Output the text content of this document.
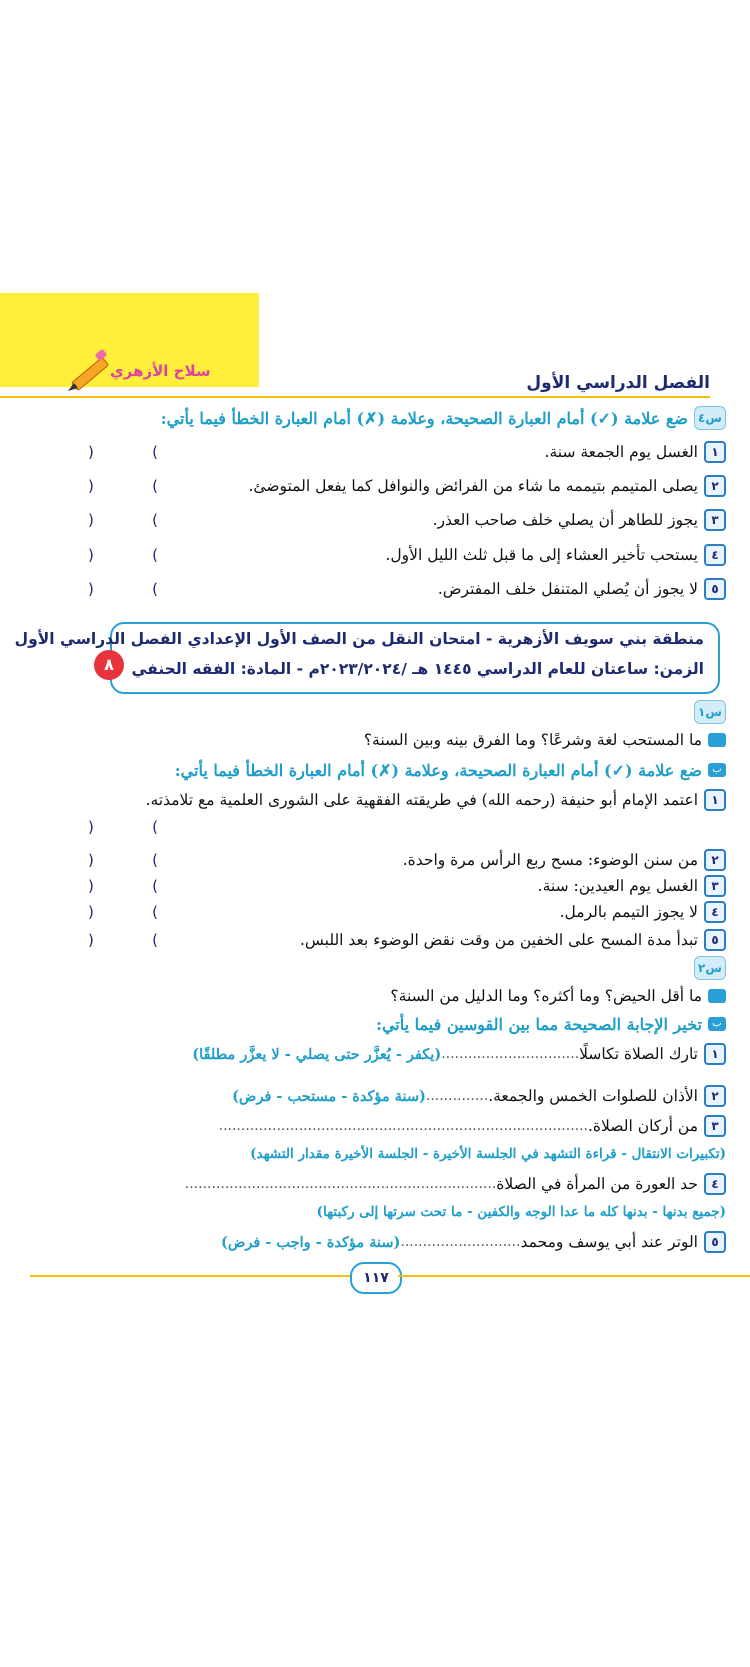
سلاح الأزهري
الفصل الدراسي الأول
س٤
ضع علامة (✓) أمام العبارة الصحيحة، وعلامة (✗) أمام العبارة الخطأ فيما يأتي:
١
الغسل يوم الجمعة سنة.
)	(
٢
يصلى المتيمم بتيممه ما شاء من الفرائض والنوافل كما يفعل المتوضئ.
)	(
٣
يجوز للطاهر أن يصلي خلف صاحب العذر.
)	(
٤
يستحب تأخير العشاء إلى ما قبل ثلث الليل الأول.
)	(
٥
لا يجوز أن يُصلي المتنفل خلف المفترض.
)	(
منطقة بني سويف الأزهرية - امتحان النقل من الصف الأول الإعدادي الفصل الدراسي الأول
الزمن: ساعتان للعام الدراسي ١٤٤٥ هـ /٢٠٢٣/٢٠٢٤م - المادة: الفقه الحنفي
٨
س١
ما المستحب لغة وشرعًا؟ وما الفرق بينه وبين السنة؟
ب
ضع علامة (✓) أمام العبارة الصحيحة، وعلامة (✗) أمام العبارة الخطأ فيما يأتي:
١
اعتمد الإمام أبو حنيفة (رحمه الله) في طريقته الفقهية على الشورى العلمية مع تلامذته.
)	(
٢
من سنن الوضوء: مسح ربع الرأس مرة واحدة.
)	(
٣
الغسل يوم العيدين: سنة.
)	(
٤
لا يجوز التيمم بالرمل.
)	(
٥
تبدأ مدة المسح على الخفين من وقت نقض الوضوء بعد اللبس.
)	(
س٢
ما أقل الحيض؟ وما أكثره؟ وما الدليل من السنة؟
ب
تخير الإجابة الصحيحة مما بين القوسين فيما يأتي:
١
تارك الصلاة تكاسلًا
...............................
(يكفر - يُعزَّر حتى يصلي - لا يعزَّر مطلقًا)
٢
الأذان للصلوات الخمس والجمعة.
..............
(سنة مؤكدة - مستحب - فرض)
٣
من أركان الصلاة.
...................................................................................
(تكبيرات الانتقال - قراءة التشهد في الجلسة الأخيرة - الجلسة الأخيرة مقدار التشهد)
٤
حد العورة من المرأة في الصلاة
......................................................................
(جميع بدنها - بدنها كله ما عدا الوجه والكفين - ما تحت سرتها إلى ركبتها)
٥
الوتر عند أبي يوسف ومحمد
...........................
(سنة مؤكدة - واجب - فرض)
١١٧
